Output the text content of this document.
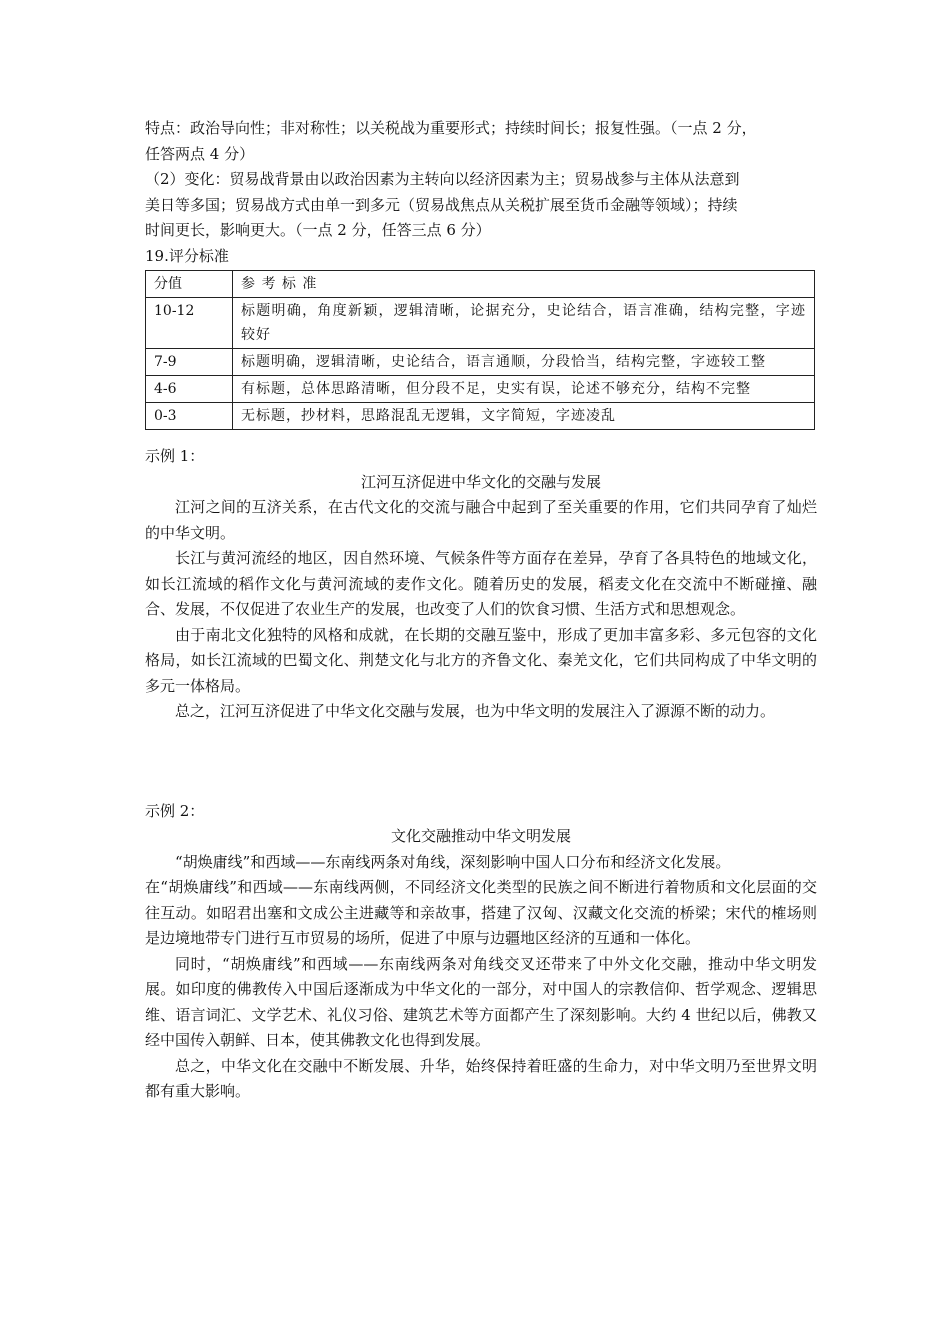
特点：政治导向性；非对称性；以关税战为重要形式；持续时间长；报复性强。（一点 2 分，

任答两点 4 分）

（2）变化：贸易战背景由以政治因素为主转向以经济因素为主；贸易战参与主体从法意到

美日等多国；贸易战方式由单一到多元（贸易战焦点从关税扩展至货币金融等领域）；持续

时间更长，影响更大。（一点 2 分，任答三点 6 分）

19.评分标准

分值	参 考 标 准
10-12	标题明确，角度新颖，逻辑清晰，论据充分，史论结合，语言准确，结构完整，字迹较好
7-9	标题明确，逻辑清晰，史论结合，语言通顺，分段恰当，结构完整，字迹较工整
4-6	有标题，总体思路清晰，但分段不足，史实有误，论述不够充分，结构不完整
0-3	无标题，抄材料，思路混乱无逻辑，文字简短，字迹凌乱

示例 1：

江河互济促进中华文化的交融与发展

江河之间的互济关系，在古代文化的交流与融合中起到了至关重要的作用，它们共同孕育了灿烂的中华文明。

长江与黄河流经的地区，因自然环境、气候条件等方面存在差异，孕育了各具特色的地域文化，如长江流域的稻作文化与黄河流域的麦作文化。随着历史的发展，稻麦文化在交流中不断碰撞、融合、发展，不仅促进了农业生产的发展，也改变了人们的饮食习惯、生活方式和思想观念。

由于南北文化独特的风格和成就，在长期的交融互鉴中，形成了更加丰富多彩、多元包容的文化格局，如长江流域的巴蜀文化、荆楚文化与北方的齐鲁文化、秦羌文化，它们共同构成了中华文明的多元一体格局。

总之，江河互济促进了中华文化交融与发展，也为中华文明的发展注入了源源不断的动力。

示例 2：

文化交融推动中华文明发展

“胡焕庸线”和西域——东南线两条对角线，深刻影响中国人口分布和经济文化发展。

在“胡焕庸线”和西域——东南线两侧，不同经济文化类型的民族之间不断进行着物质和文化层面的交往互动。如昭君出塞和文成公主进藏等和亲故事，搭建了汉匈、汉藏文化交流的桥梁；宋代的榷场则是边境地带专门进行互市贸易的场所，促进了中原与边疆地区经济的互通和一体化。

同时，“胡焕庸线”和西域——东南线两条对角线交叉还带来了中外文化交融，推动中华文明发展。如印度的佛教传入中国后逐渐成为中华文化的一部分，对中国人的宗教信仰、哲学观念、逻辑思维、语言词汇、文学艺术、礼仪习俗、建筑艺术等方面都产生了深刻影响。大约 4 世纪以后，佛教又经中国传入朝鲜、日本，使其佛教文化也得到发展。

总之，中华文化在交融中不断发展、升华，始终保持着旺盛的生命力，对中华文明乃至世界文明都有重大影响。
